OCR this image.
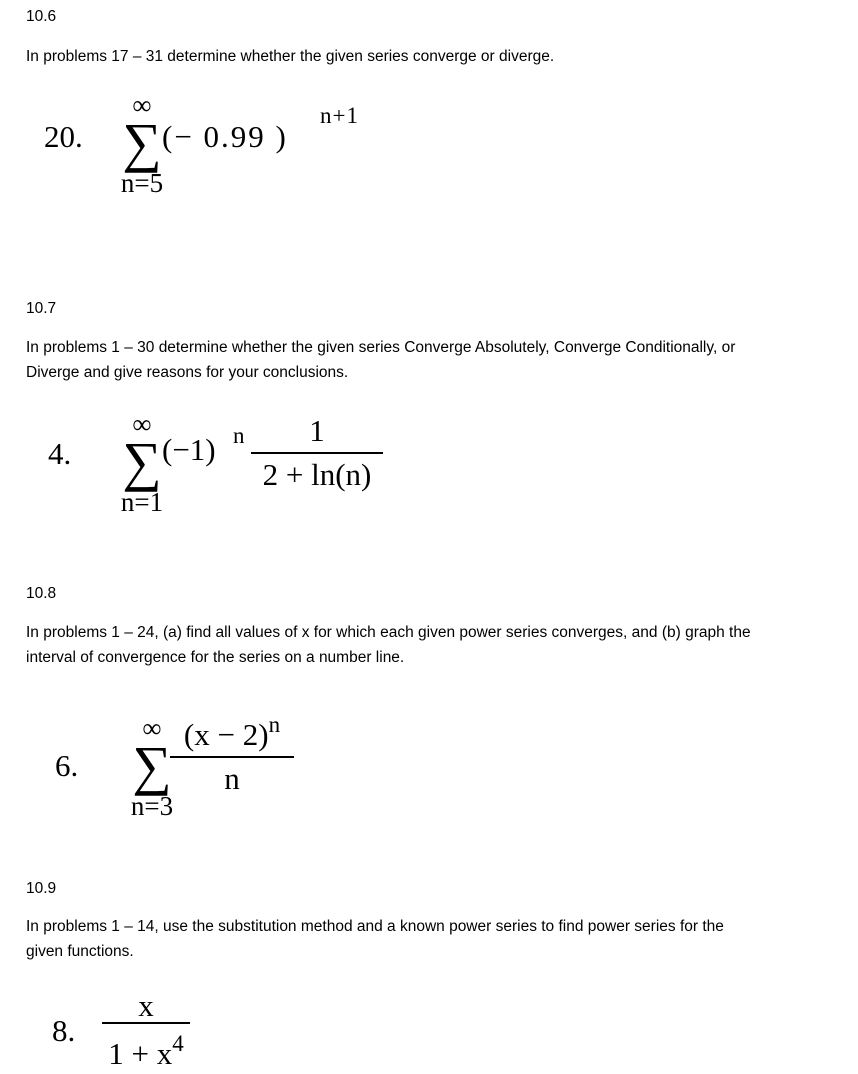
10.6
In problems 17 – 31 determine whether the given series converge or diverge.
20.
∞
∑
n=5
(− 0.99 )
n+1
10.7
In problems 1 – 30 determine whether the given series Converge Absolutely, Converge Conditionally, or
Diverge and give reasons for your conclusions.
4.
∞
∑
n=1
(−1) n $\frac{1}{2 + \ln(n)}$
10.8
In problems 1 – 24, (a) find all values of x for which each given power series converges, and (b) graph the
interval of convergence for the series on a number line.
6.
∞
∑
n=3
$\frac{(x - 2)^n}{n}$
10.9
In problems 1 – 14, use the substitution method and a known power series to find power series for the
given functions.
8. $\frac{x}{1 + x^4}$
